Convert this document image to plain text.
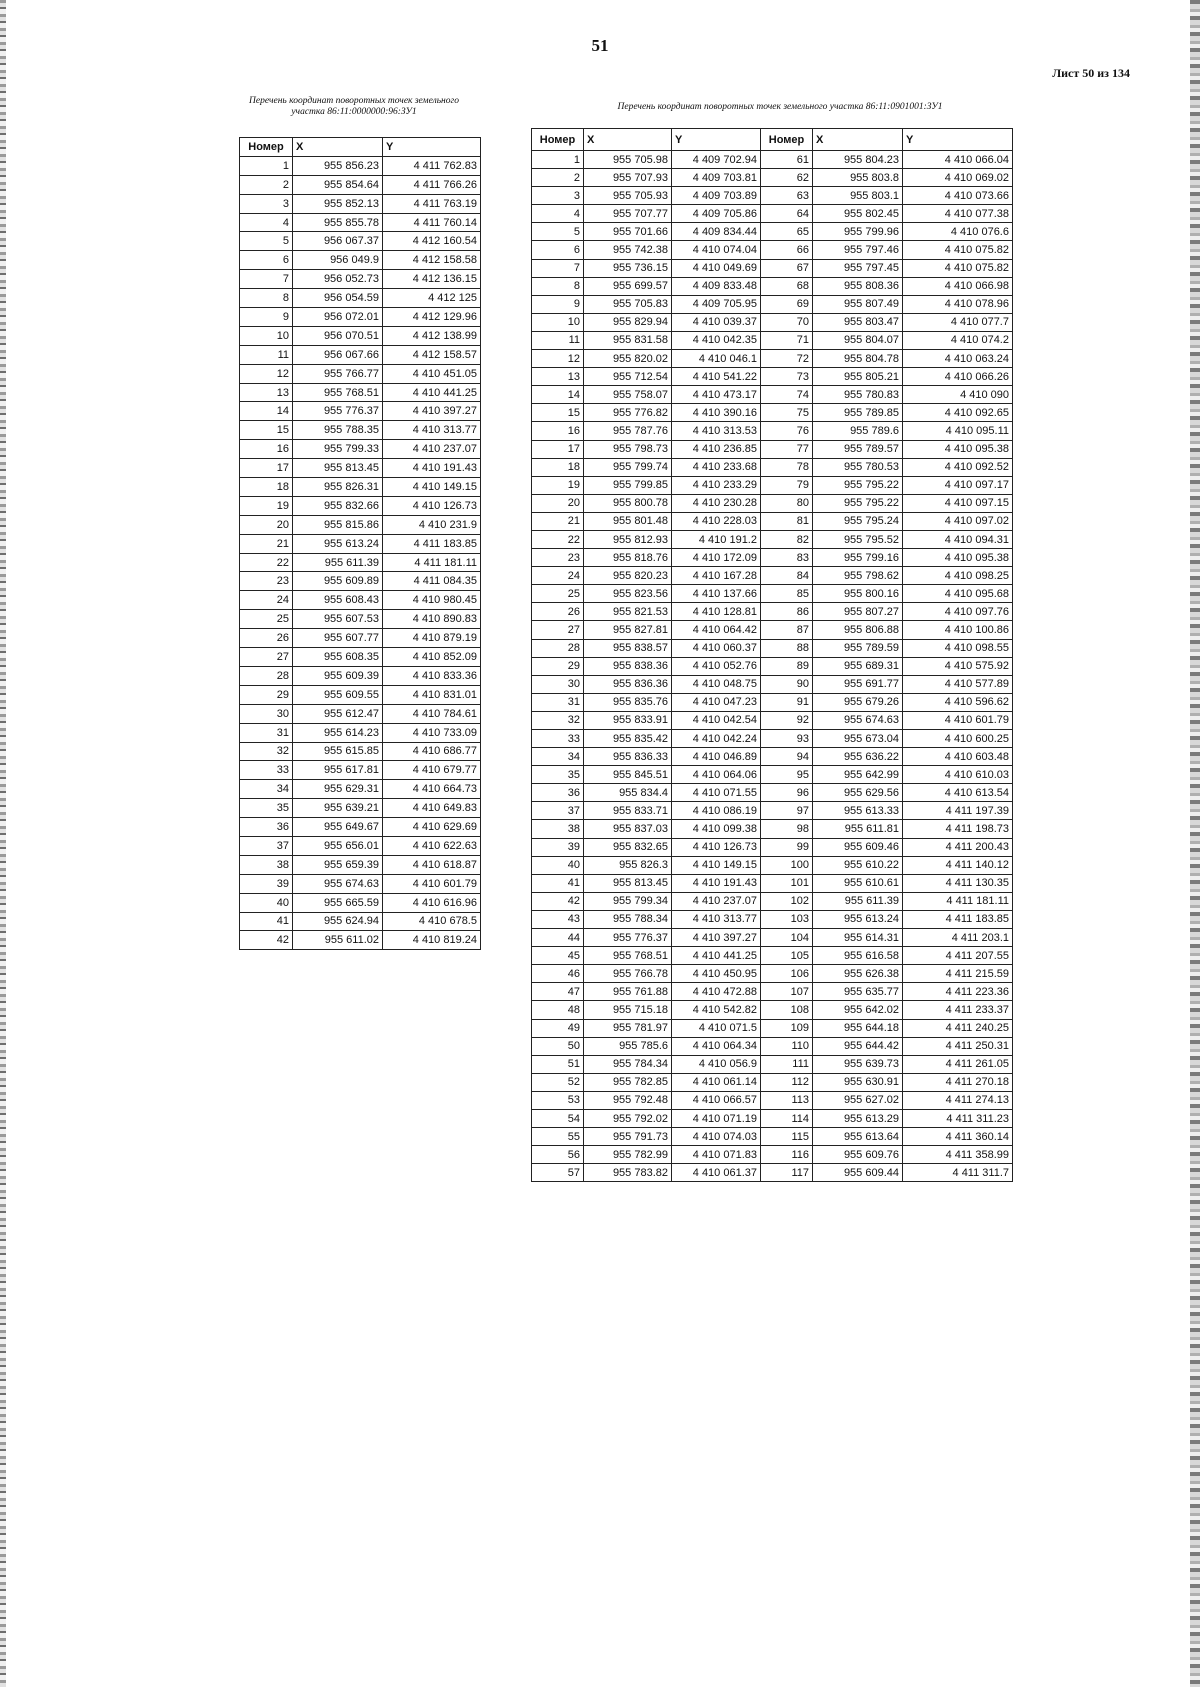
51
Лист 50 из 134
Перечень координат поворотных точек земельного участка 86:11:0000000:96:ЗУ1	Перечень координат поворотных точек земельного участка 86:11:0901001:ЗУ1
Номер	X	Y
1	955 856.23	4 411 762.83
2	955 854.64	4 411 766.26
3	955 852.13	4 411 763.19
4	955 855.78	4 411 760.14
5	956 067.37	4 412 160.54
6	956 049.9	4 412 158.58
7	956 052.73	4 412 136.15
8	956 054.59	4 412 125
9	956 072.01	4 412 129.96
10	956 070.51	4 412 138.99
11	956 067.66	4 412 158.57
12	955 766.77	4 410 451.05
13	955 768.51	4 410 441.25
14	955 776.37	4 410 397.27
15	955 788.35	4 410 313.77
16	955 799.33	4 410 237.07
17	955 813.45	4 410 191.43
18	955 826.31	4 410 149.15
19	955 832.66	4 410 126.73
20	955 815.86	4 410 231.9
21	955 613.24	4 411 183.85
22	955 611.39	4 411 181.11
23	955 609.89	4 411 084.35
24	955 608.43	4 410 980.45
25	955 607.53	4 410 890.83
26	955 607.77	4 410 879.19
27	955 608.35	4 410 852.09
28	955 609.39	4 410 833.36
29	955 609.55	4 410 831.01
30	955 612.47	4 410 784.61
31	955 614.23	4 410 733.09
32	955 615.85	4 410 686.77
33	955 617.81	4 410 679.77
34	955 629.31	4 410 664.73
35	955 639.21	4 410 649.83
36	955 649.67	4 410 629.69
37	955 656.01	4 410 622.63
38	955 659.39	4 410 618.87
39	955 674.63	4 410 601.79
40	955 665.59	4 410 616.96
41	955 624.94	4 410 678.5
42	955 611.02	4 410 819.24
Номер	X	Y	Номер	X	Y
1	955 705.98	4 409 702.94	61	955 804.23	4 410 066.04
2	955 707.93	4 409 703.81	62	955 803.8	4 410 069.02
3	955 705.93	4 409 703.89	63	955 803.1	4 410 073.66
4	955 707.77	4 409 705.86	64	955 802.45	4 410 077.38
5	955 701.66	4 409 834.44	65	955 799.96	4 410 076.6
6	955 742.38	4 410 074.04	66	955 797.46	4 410 075.82
7	955 736.15	4 410 049.69	67	955 797.45	4 410 075.82
8	955 699.57	4 409 833.48	68	955 808.36	4 410 066.98
9	955 705.83	4 409 705.95	69	955 807.49	4 410 078.96
10	955 829.94	4 410 039.37	70	955 803.47	4 410 077.7
11	955 831.58	4 410 042.35	71	955 804.07	4 410 074.2
12	955 820.02	4 410 046.1	72	955 804.78	4 410 063.24
13	955 712.54	4 410 541.22	73	955 805.21	4 410 066.26
14	955 758.07	4 410 473.17	74	955 780.83	4 410 090
15	955 776.82	4 410 390.16	75	955 789.85	4 410 092.65
16	955 787.76	4 410 313.53	76	955 789.6	4 410 095.11
17	955 798.73	4 410 236.85	77	955 789.57	4 410 095.38
18	955 799.74	4 410 233.68	78	955 780.53	4 410 092.52
19	955 799.85	4 410 233.29	79	955 795.22	4 410 097.17
20	955 800.78	4 410 230.28	80	955 795.22	4 410 097.15
21	955 801.48	4 410 228.03	81	955 795.24	4 410 097.02
22	955 812.93	4 410 191.2	82	955 795.52	4 410 094.31
23	955 818.76	4 410 172.09	83	955 799.16	4 410 095.38
24	955 820.23	4 410 167.28	84	955 798.62	4 410 098.25
25	955 823.56	4 410 137.66	85	955 800.16	4 410 095.68
26	955 821.53	4 410 128.81	86	955 807.27	4 410 097.76
27	955 827.81	4 410 064.42	87	955 806.88	4 410 100.86
28	955 838.57	4 410 060.37	88	955 789.59	4 410 098.55
29	955 838.36	4 410 052.76	89	955 689.31	4 410 575.92
30	955 836.36	4 410 048.75	90	955 691.77	4 410 577.89
31	955 835.76	4 410 047.23	91	955 679.26	4 410 596.62
32	955 833.91	4 410 042.54	92	955 674.63	4 410 601.79
33	955 835.42	4 410 042.24	93	955 673.04	4 410 600.25
34	955 836.33	4 410 046.89	94	955 636.22	4 410 603.48
35	955 845.51	4 410 064.06	95	955 642.99	4 410 610.03
36	955 834.4	4 410 071.55	96	955 629.56	4 410 613.54
37	955 833.71	4 410 086.19	97	955 613.33	4 411 197.39
38	955 837.03	4 410 099.38	98	955 611.81	4 411 198.73
39	955 832.65	4 410 126.73	99	955 609.46	4 411 200.43
40	955 826.3	4 410 149.15	100	955 610.22	4 411 140.12
41	955 813.45	4 410 191.43	101	955 610.61	4 411 130.35
42	955 799.34	4 410 237.07	102	955 611.39	4 411 181.11
43	955 788.34	4 410 313.77	103	955 613.24	4 411 183.85
44	955 776.37	4 410 397.27	104	955 614.31	4 411 203.1
45	955 768.51	4 410 441.25	105	955 616.58	4 411 207.55
46	955 766.78	4 410 450.95	106	955 626.38	4 411 215.59
47	955 761.88	4 410 472.88	107	955 635.77	4 411 223.36
48	955 715.18	4 410 542.82	108	955 642.02	4 411 233.37
49	955 781.97	4 410 071.5	109	955 644.18	4 411 240.25
50	955 785.6	4 410 064.34	110	955 644.42	4 411 250.31
51	955 784.34	4 410 056.9	111	955 639.73	4 411 261.05
52	955 782.85	4 410 061.14	112	955 630.91	4 411 270.18
53	955 792.48	4 410 066.57	113	955 627.02	4 411 274.13
54	955 792.02	4 410 071.19	114	955 613.29	4 411 311.23
55	955 791.73	4 410 074.03	115	955 613.64	4 411 360.14
56	955 782.99	4 410 071.83	116	955 609.76	4 411 358.99
57	955 783.82	4 410 061.37	117	955 609.44	4 411 311.7
